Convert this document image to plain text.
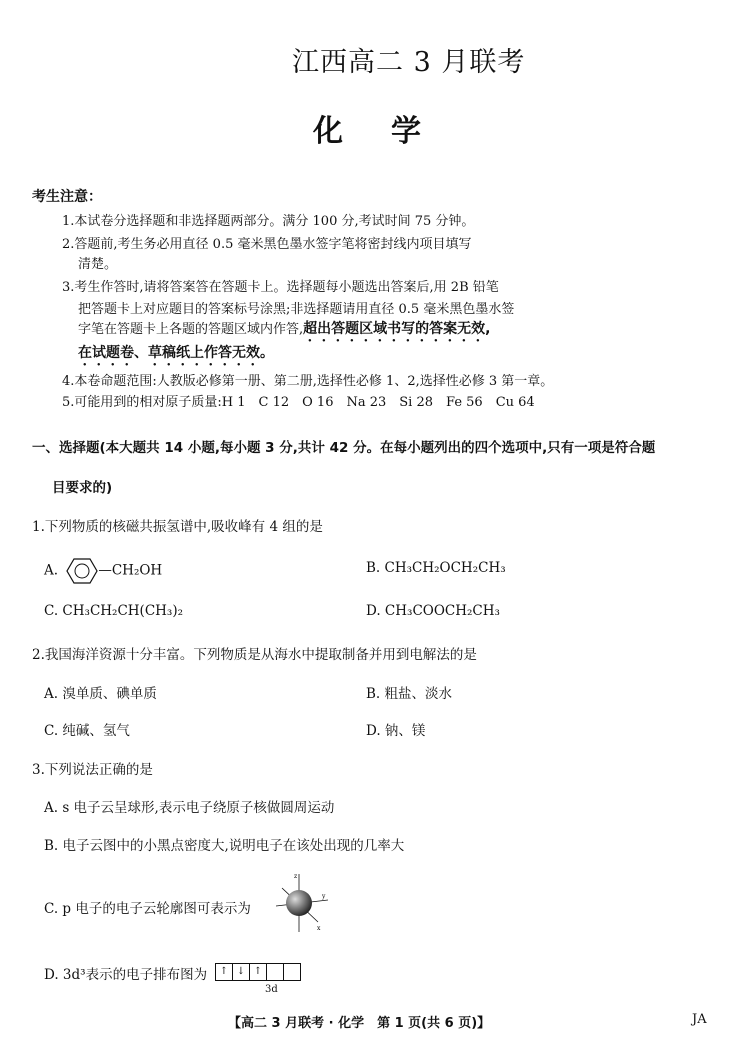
江西高二 3 月联考
化学
考生注意：
1.本试卷分选择题和非选择题两部分。满分 100 分,考试时间 75 分钟。
2.答题前,考生务必用直径 0.5 毫米黑色墨水签字笔将密封线内项目填写
清楚。
3.考生作答时,请将答案答在答题卡上。选择题每小题选出答案后,用 2B 铅笔
把答题卡上对应题目的答案标号涂黑;非选择题请用直径 0.5 毫米黑色墨水签
字笔在答题卡上各题的答题区域内作答,超出答题区域书写的答案无效,
在试题卷、草稿纸上作答无效。
4.本卷命题范围:人教版必修第一册、第二册,选择性必修 1、2,选择性必修 3 第一章。
5.可能用到的相对原子质量:H 1　C 12　O 16　Na 23　Si 28　Fe 56　Cu 64
一、选择题(本大题共 14 小题,每小题 3 分,共计 42 分。在每小题列出的四个选项中,只有一项是符合题
目要求的)
1.下列物质的核磁共振氢谱中,吸收峰有 4 组的是
A.	—CH₂OH	B. CH₃CH₂OCH₂CH₃
C. CH₃CH₂CH(CH₃)₂	D. CH₃COOCH₂CH₃
2.我国海洋资源十分丰富。下列物质是从海水中提取制备并用到电解法的是
A. 溴单质、碘单质	B. 粗盐、淡水
C. 纯碱、氢气	D. 钠、镁
3.下列说法正确的是
A. s 电子云呈球形,表示电子绕原子核做圆周运动
B. 电子云图中的小黑点密度大,说明电子在该处出现的几率大
C. p 电子的电子云轮廓图可表示为
z
y
x
D. 3d³表示的电子排布图为	↑ ↓ ↑
3d
【高二 3 月联考 · 化学　第 1 页(共 6 页)】	JA
